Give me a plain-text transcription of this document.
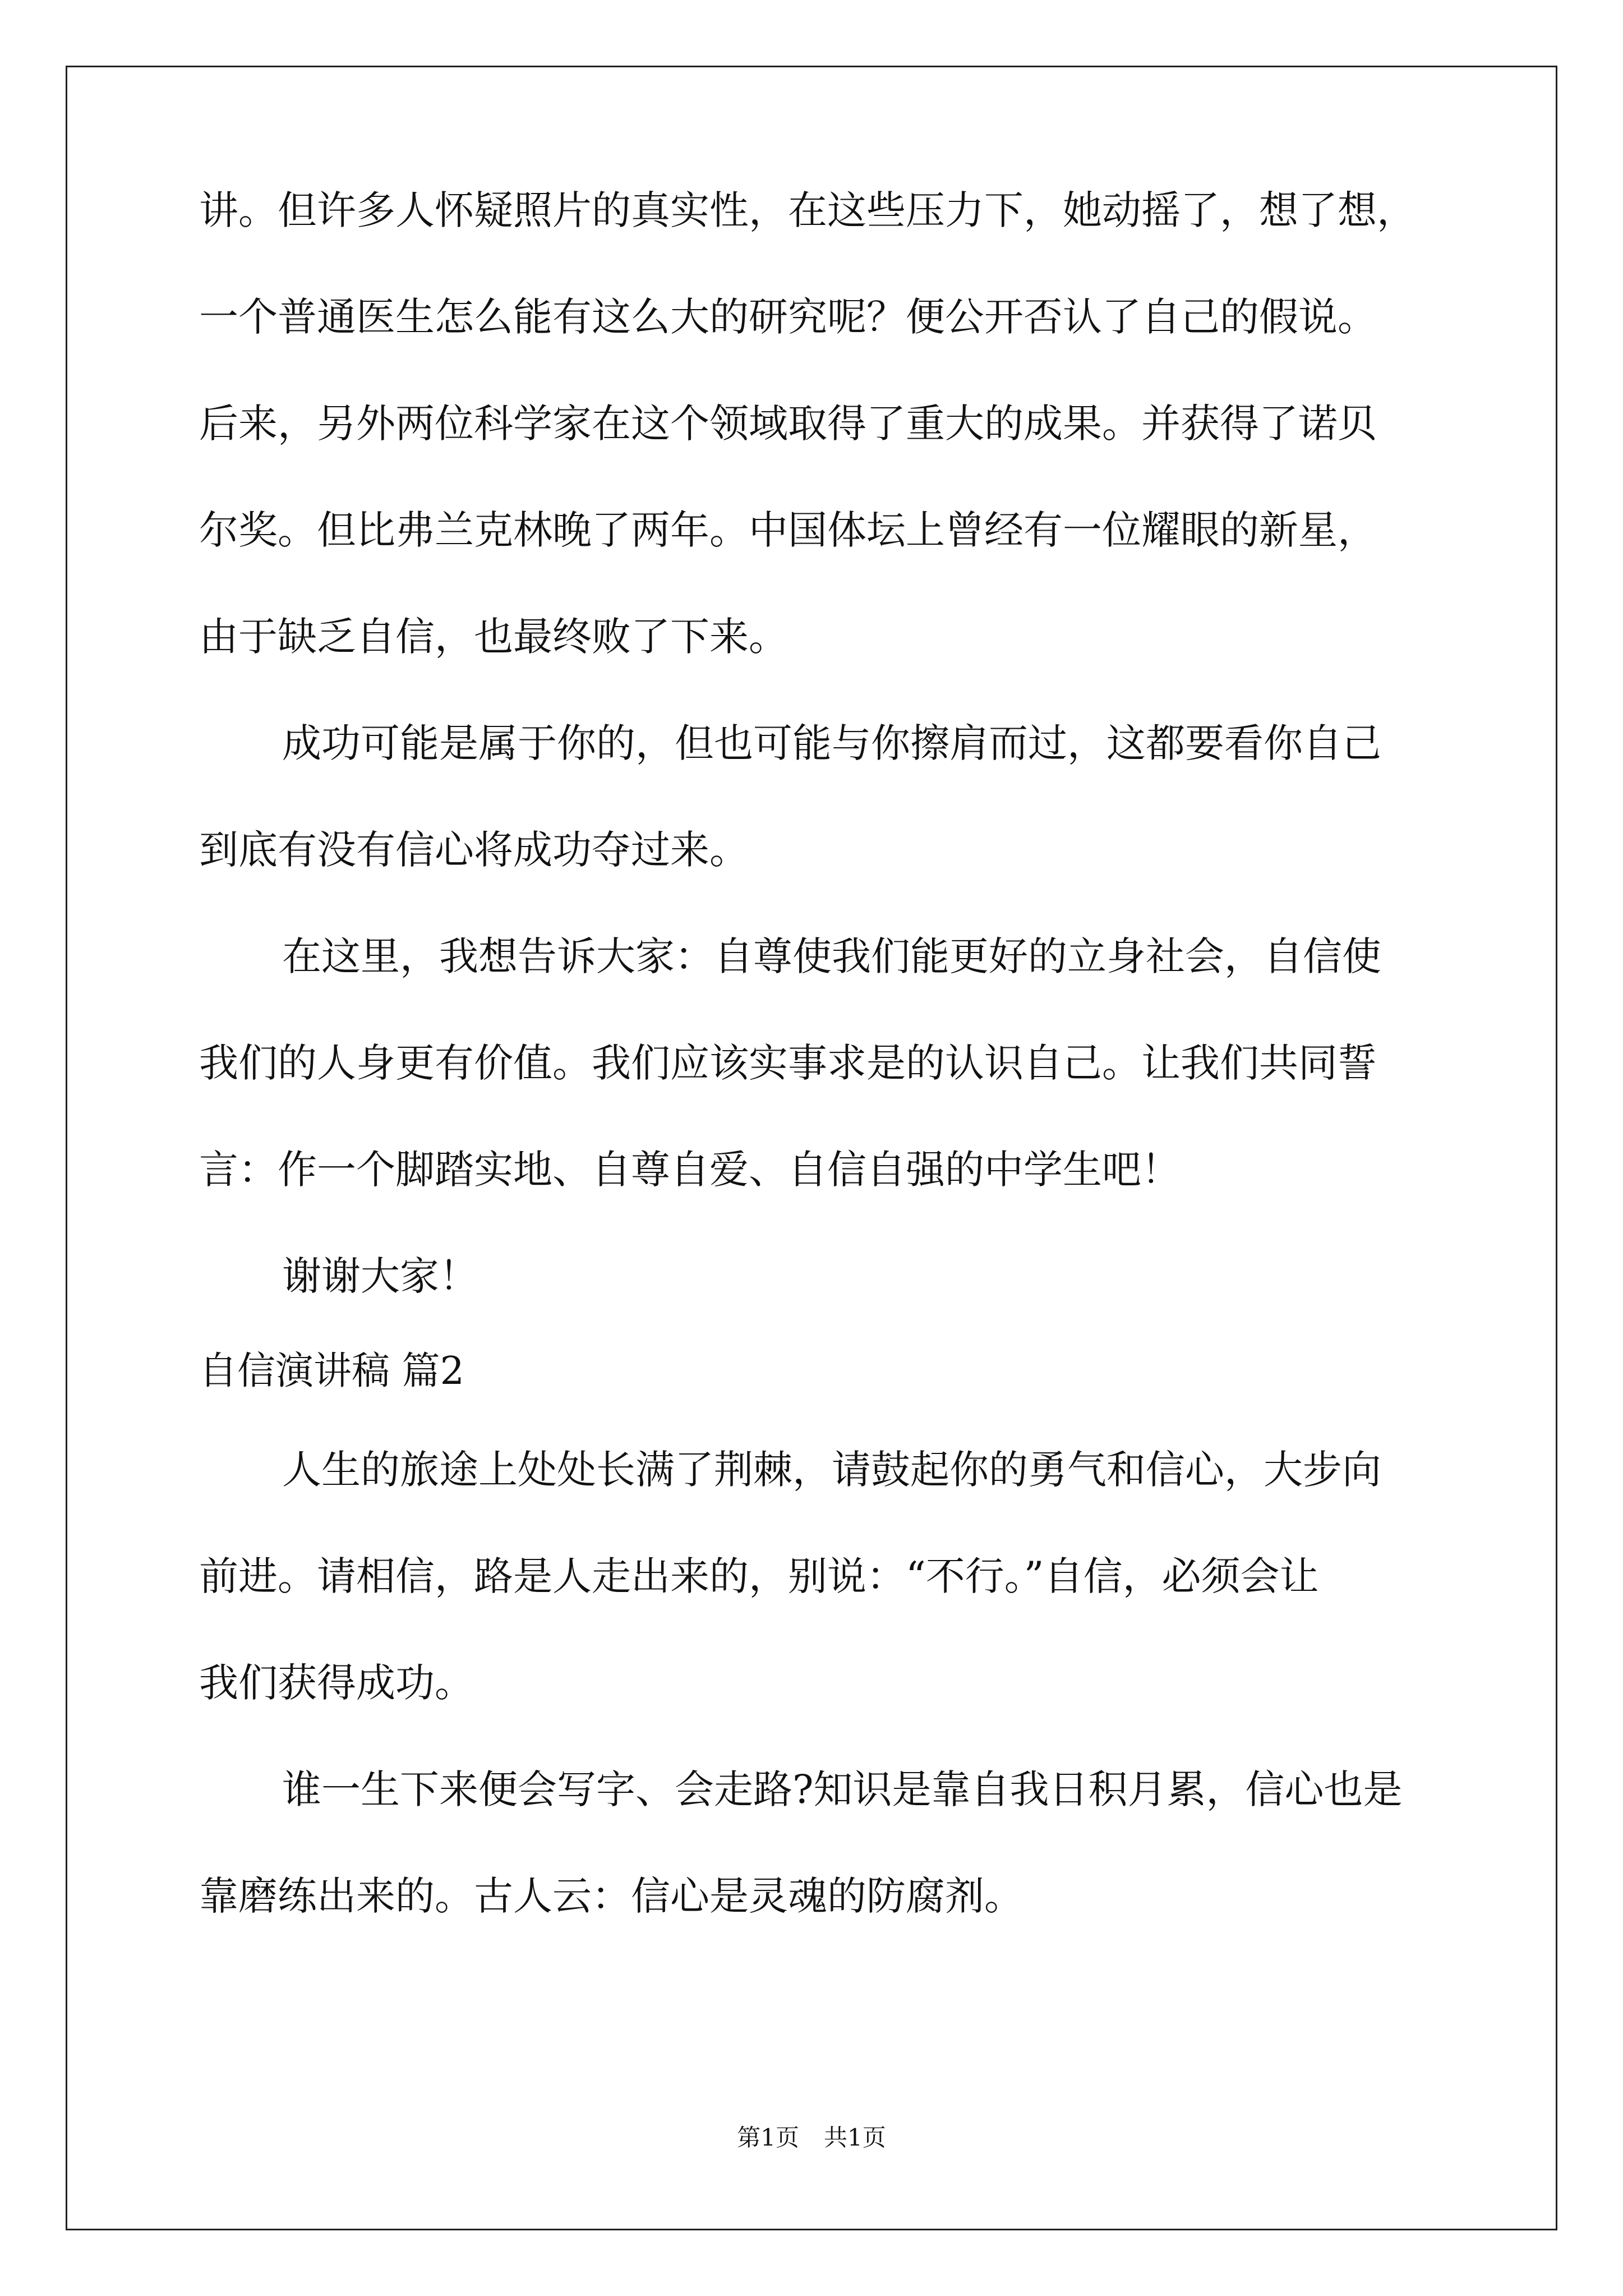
讲。但许多人怀疑照片的真实性，在这些压力下，她动摇了，想了想，

一个普通医生怎么能有这么大的研究呢？便公开否认了自己的假说。

后来，另外两位科学家在这个领域取得了重大的成果。并获得了诺贝

尔奖。但比弗兰克林晚了两年。中国体坛上曾经有一位耀眼的新星，

由于缺乏自信，也最终败了下来。

成功可能是属于你的，但也可能与你擦肩而过，这都要看你自己

到底有没有信心将成功夺过来。

在这里，我想告诉大家：自尊使我们能更好的立身社会，自信使

我们的人身更有价值。我们应该实事求是的认识自己。让我们共同誓

言：作一个脚踏实地、自尊自爱、自信自强的中学生吧！

谢谢大家！

自信演讲稿 篇2

人生的旅途上处处长满了荆棘，请鼓起你的勇气和信心，大步向

前进。请相信，路是人走出来的，别说：“不行。”自信，必须会让

我们获得成功。

谁一生下来便会写字、会走路?知识是靠自我日积月累，信心也是

靠磨练出来的。古人云：信心是灵魂的防腐剂。

第1页 共1页
